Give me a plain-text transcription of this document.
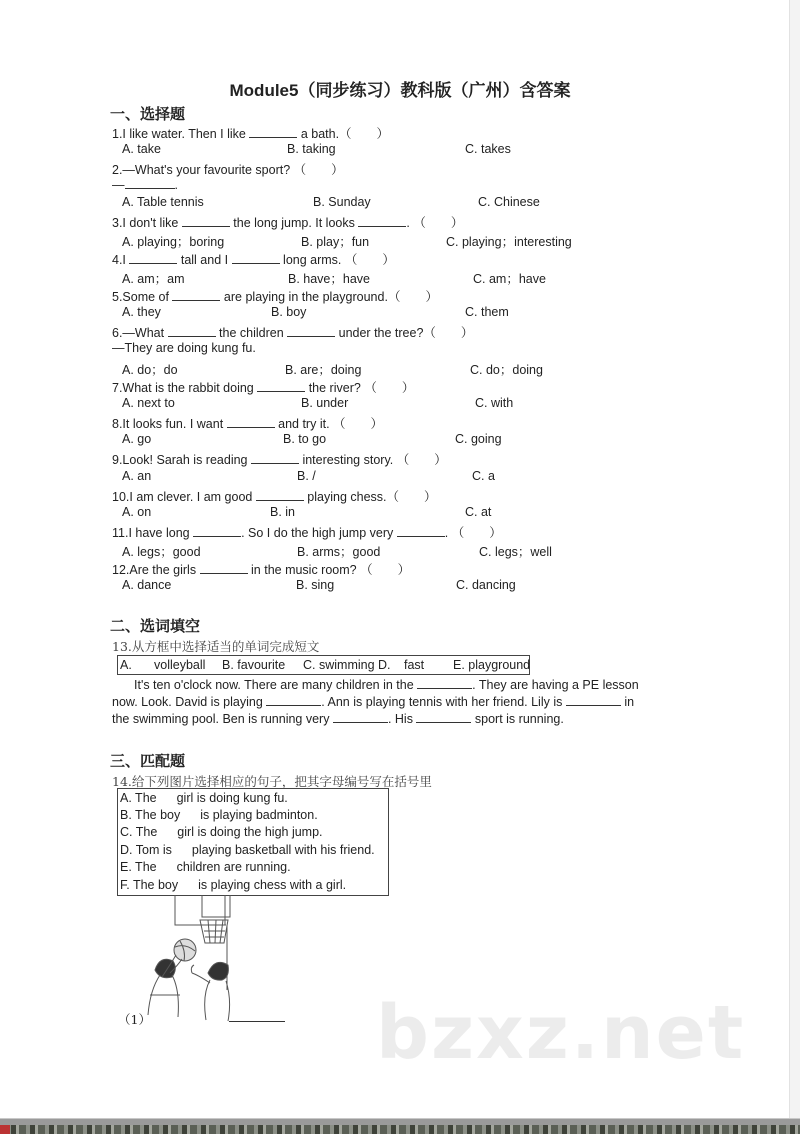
Module5（同步练习）教科版（广州）含答案
一、选择题
1.I like water. Then I like	a bath.（　　）
A. take	B. taking	C. takes
2.—What's your favourite sport? （　　）
—	.
A. Table tennis	B. Sunday	C. Chinese
3.I don't like	the long jump. It looks	. （　　）
A. playing；boring	B. play；fun	C. playing；interesting
4.I	tall and I	long arms. （　　）
A. am；am	B. have；have	C. am；have
5.Some of	are playing in the playground.（　　）
A. they	B. boy	C. them
6.—What	the children	under the tree?（　　）
—They are doing kung fu.
A. do；do	B. are；doing	C. do；doing
7.What is the rabbit doing	the river? （　　）
A. next to	B. under	C. with
8.It looks fun. I want	and try it. （　　）
A. go	B. to go	C. going
9.Look! Sarah is reading	interesting story. （　　）
A. an	B. /	C. a
10.I am clever. I am good	playing chess.（　　）
A. on	B. in	C. at
11.I have long	. So I do the high jump very	. （　　）
A. legs；good	B. arms；good	C. legs；well
12.Are the girls	in the music room? （　　）
A. dance	B. sing	C. dancing
二、选词填空
13.从方框中选择适当的单词完成短文
A. volleyball B. favourite C. swimming D. fast E. playground
It's ten o'clock now. There are many children in the	. They are having a PE lesson
now. Look. David is playing	. Ann is playing tennis with her friend. Lily is	in
the swimming pool. Ben is running very	. His	sport is running.
三、匹配题
14.给下列图片选择相应的句子，把其字母编号写在括号里
A. The girl is doing kung fu.
B. The boy is playing badminton.
C. The girl is doing the high jump.
D. Tom is playing basketball with his friend.
E. The children are running.
F. The boy is playing chess with a girl.
（1）	bzxz.net
